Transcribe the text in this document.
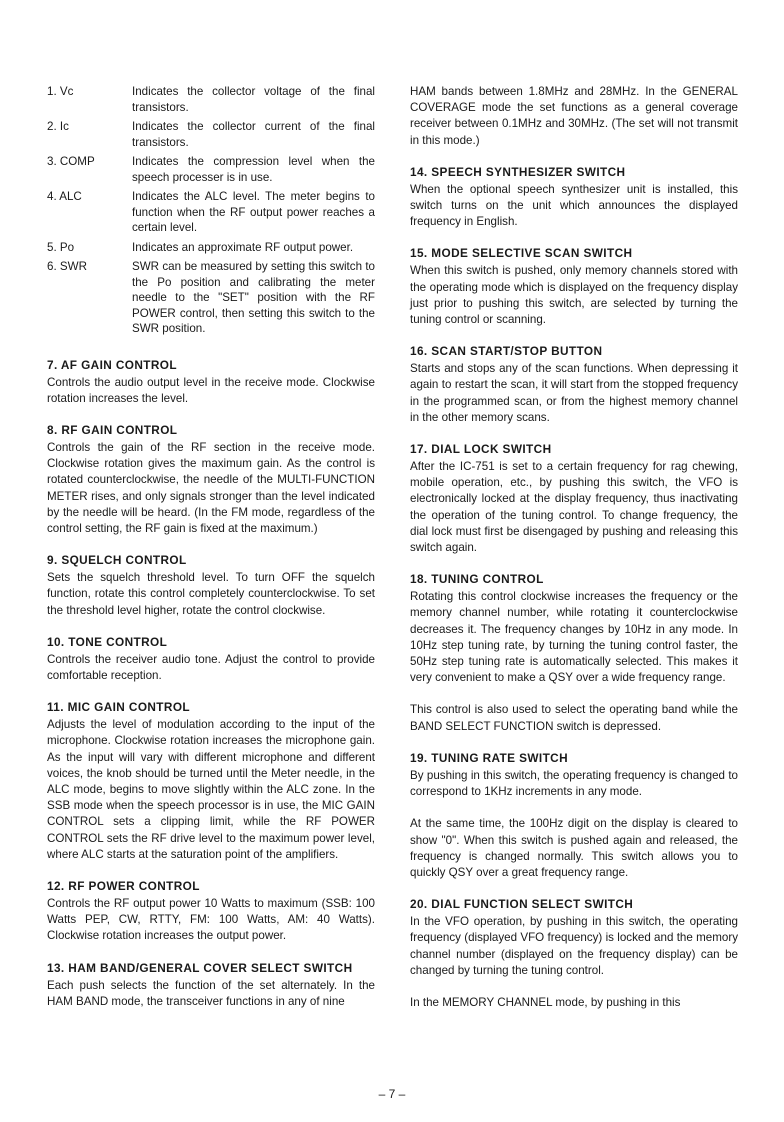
1. Vc	Indicates the collector voltage of the final transistors.
2. Ic	Indicates the collector current of the final transistors.
3. COMP	Indicates the compression level when the speech processer is in use.
4. ALC	Indicates the ALC level. The meter begins to function when the RF output power reaches a certain level.
5. Po	Indicates an approximate RF output power.
6. SWR	SWR can be measured by setting this switch to the Po position and calibrating the meter needle to the "SET" position with the RF POWER control, then setting this switch to the SWR position.
7. AF GAIN CONTROL

Controls the audio output level in the receive mode. Clockwise rotation increases the level.

8. RF GAIN CONTROL

Controls the gain of the RF section in the receive mode. Clockwise rotation gives the maximum gain. As the control is rotated counterclockwise, the needle of the MULTI-FUNCTION METER rises, and only signals stronger than the level indicated by the needle will be heard. (In the FM mode, regardless of the control setting, the RF gain is fixed at the maximum.)

9. SQUELCH CONTROL

Sets the squelch threshold level. To turn OFF the squelch function, rotate this control completely counterclockwise. To set the threshold level higher, rotate the control clockwise.

10. TONE CONTROL

Controls the receiver audio tone. Adjust the control to provide comfortable reception.

11. MIC GAIN CONTROL

Adjusts the level of modulation according to the input of the microphone. Clockwise rotation increases the microphone gain. As the input will vary with different microphone and different voices, the knob should be turned until the Meter needle, in the ALC mode, begins to move slightly within the ALC zone. In the SSB mode when the speech processor is in use, the MIC GAIN CONTROL sets a clipping limit, while the RF POWER CONTROL sets the RF drive level to the maximum power level, where ALC starts at the saturation point of the amplifiers.

12. RF POWER CONTROL

Controls the RF output power 10 Watts to maximum (SSB: 100 Watts PEP, CW, RTTY, FM: 100 Watts, AM: 40 Watts). Clockwise rotation increases the output power.

13. HAM BAND/GENERAL COVER SELECT SWITCH

Each push selects the function of the set alternately. In the HAM BAND mode, the transceiver functions in any of nine

HAM bands between 1.8MHz and 28MHz. In the GENERAL COVERAGE mode the set functions as a general coverage receiver between 0.1MHz and 30MHz. (The set will not transmit in this mode.)

14. SPEECH SYNTHESIZER SWITCH

When the optional speech synthesizer unit is installed, this switch turns on the unit which announces the displayed frequency in English.

15. MODE SELECTIVE SCAN SWITCH

When this switch is pushed, only memory channels stored with the operating mode which is displayed on the frequency display just prior to pushing this switch, are selected by turning the tuning control or scanning.

16. SCAN START/STOP BUTTON

Starts and stops any of the scan functions. When depressing it again to restart the scan, it will start from the stopped frequency in the programmed scan, or from the highest memory channel in the other memory scans.

17. DIAL LOCK SWITCH

After the IC-751 is set to a certain frequency for rag chewing, mobile operation, etc., by pushing this switch, the VFO is electronically locked at the display frequency, thus inactivating the operation of the tuning control. To change frequency, the dial lock must first be disengaged by pushing and releasing this switch again.

18. TUNING CONTROL

Rotating this control clockwise increases the frequency or the memory channel number, while rotating it counterclockwise decreases it. The frequency changes by 10Hz in any mode. In 10Hz step tuning rate, by turning the tuning control faster, the 50Hz step tuning rate is automatically selected. This makes it very convenient to make a QSY over a wide frequency range.

This control is also used to select the operating band while the BAND SELECT FUNCTION switch is depressed.

19. TUNING RATE SWITCH

By pushing in this switch, the operating frequency is changed to correspond to 1KHz increments in any mode.

At the same time, the 100Hz digit on the display is cleared to show "0". When this switch is pushed again and released, the frequency is changed normally. This switch allows you to quickly QSY over a great frequency range.

20. DIAL FUNCTION SELECT SWITCH

In the VFO operation, by pushing in this switch, the operating frequency (displayed VFO frequency) is locked and the memory channel number (displayed on the frequency display) can be changed by turning the tuning control.

In the MEMORY CHANNEL mode, by pushing in this

– 7 –
